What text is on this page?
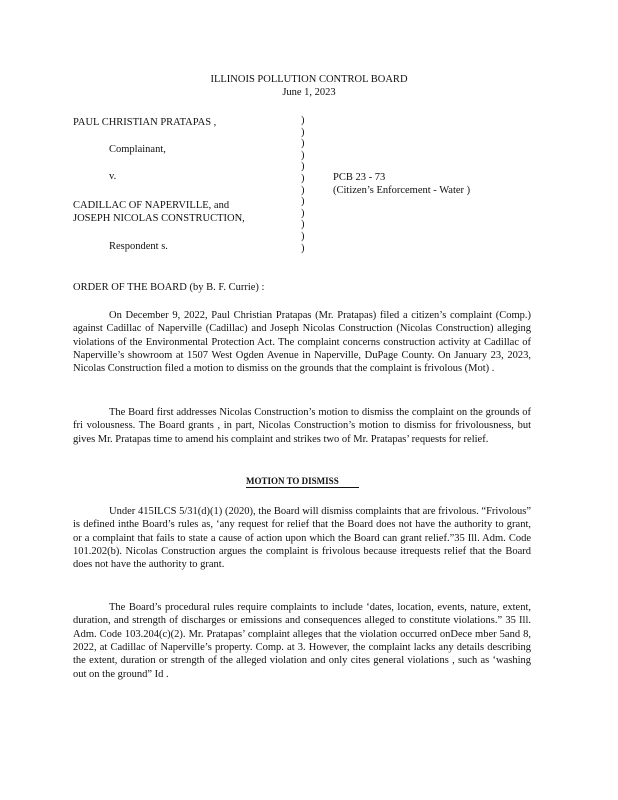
ILLINOIS POLLUTION CONTROL BOARD
June 1, 2023
PAUL CHRISTIAN PRATAPAS ,
Complainant,
v.
CADILLAC OF NAPERVILLE, and
JOSEPH NICOLAS CONSTRUCTION,
Respondent s.
)
)
)
)
)
)
)
)
)
)
)
)
PCB 23 - 73
(Citizen’s Enforcement - Water )
ORDER OF THE BOARD (by B. F. Currie) :
On December 9, 2022, Paul Christian Pratapas (Mr. Pratapas) filed a citizen’s complaint (Comp.) against Cadillac of Naperville (Cadillac) and Joseph Nicolas Construction (Nicolas Construction) alleging violations of the Environmental Protection Act. The complaint concerns construction activity at Cadillac of Naperville’s showroom at 1507 West Ogden Avenue in Naperville, DuPage County. On January 23, 2023, Nicolas Construction filed a motion to dismiss on the grounds that the complaint is frivolous (Mot) .
The Board first addresses Nicolas Construction’s motion to dismiss the complaint on the grounds of fri volousness. The Board grants , in part, Nicolas Construction’s motion to dismiss for frivolousness, but gives Mr. Pratapas time to amend his complaint and strikes two of Mr. Pratapas’ requests for relief.
MOTION TO DISMISS
Under 415ILCS 5/31(d)(1) (2020), the Board will dismiss complaints that are frivolous. “Frivolous” is defined inthe Board’s rules as, ‘any request for relief that the Board does not have the authority to grant, or a complaint that fails to state a cause of action upon which the Board can grant relief.”35 Ill. Adm. Code 101.202(b). Nicolas Construction argues the complaint is frivolous because itrequests relief that the Board does not have the authority to grant.
The Board’s procedural rules require complaints to include ‘dates, location, events, nature, extent, duration, and strength of discharges or emissions and consequences alleged to constitute violations.” 35 Ill. Adm. Code 103.204(c)(2). Mr. Pratapas’ complaint alleges that the violation occurred onDece mber 5and 8, 2022, at Cadillac of Naperville’s property. Comp. at 3. However, the complaint lacks any details describing the extent, duration or strength of the alleged violation and only cites general violations , such as ‘washing out on the ground” Id .
